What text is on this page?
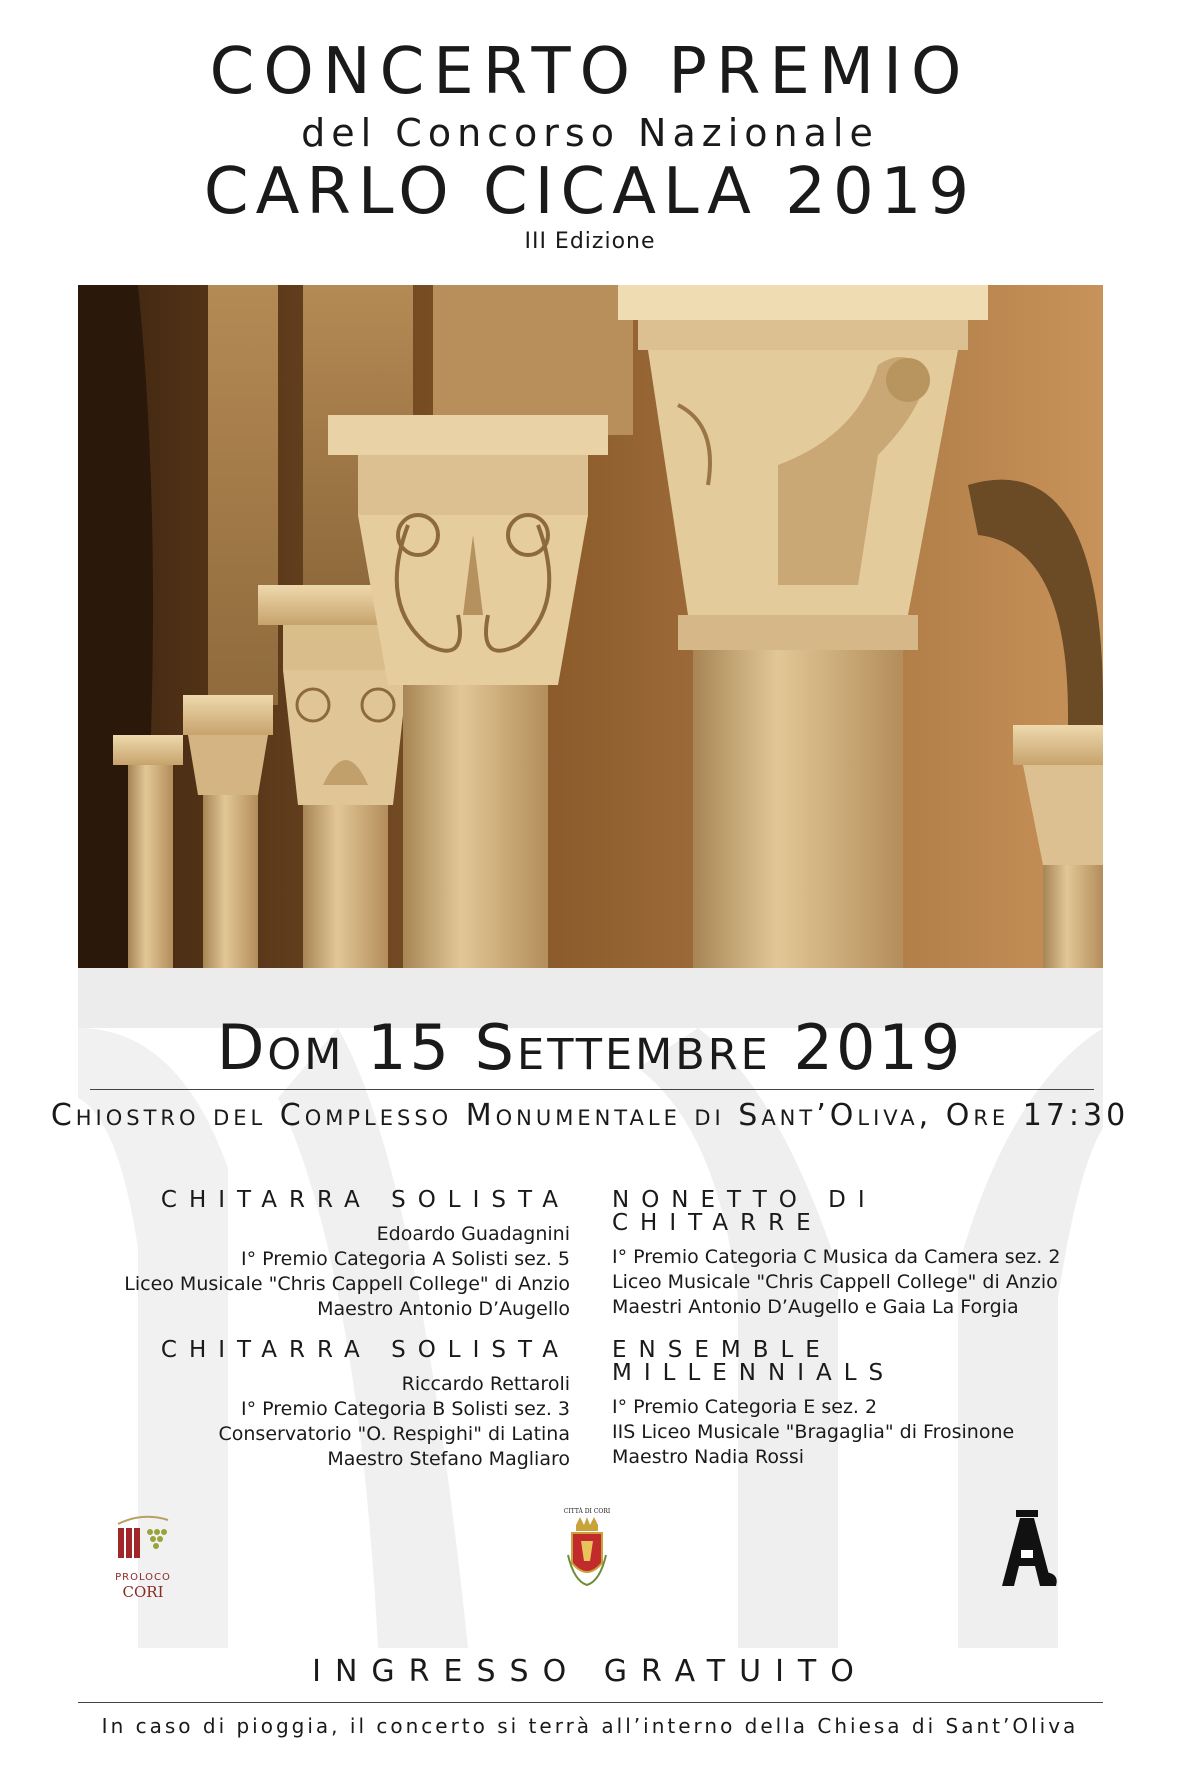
CONCERTO PREMIO
del Concorso Nazionale
CARLO CICALA 2019
III Edizione
Dom 15 Settembre 2019
Chiostro del Complesso Monumentale di Sant’Oliva, Ore 17:30
CHITARRA SOLISTA
Edoardo Guadagnini
I° Premio Categoria A Solisti sez. 5
Liceo Musicale "Chris Cappell College" di Anzio
Maestro Antonio D’Augello
CHITARRA SOLISTA
Riccardo Rettaroli
I° Premio Categoria B Solisti sez. 3
Conservatorio "O. Respighi" di Latina
Maestro Stefano Magliaro
NONETTO DI CHITARRE
I° Premio Categoria C Musica da Camera sez. 2
Liceo Musicale "Chris Cappell College" di Anzio
Maestri Antonio D’Augello e Gaia La Forgia
ENSEMBLE MILLENNIALS
I° Premio Categoria E sez. 2
IIS Liceo Musicale "Bragaglia" di Frosinone
Maestro Nadia Rossi
PROLOCO
CORI
CITTÀ DI CORI
INGRESSO GRATUITO
In caso di pioggia, il concerto si terrà all’interno della Chiesa di Sant’Oliva
